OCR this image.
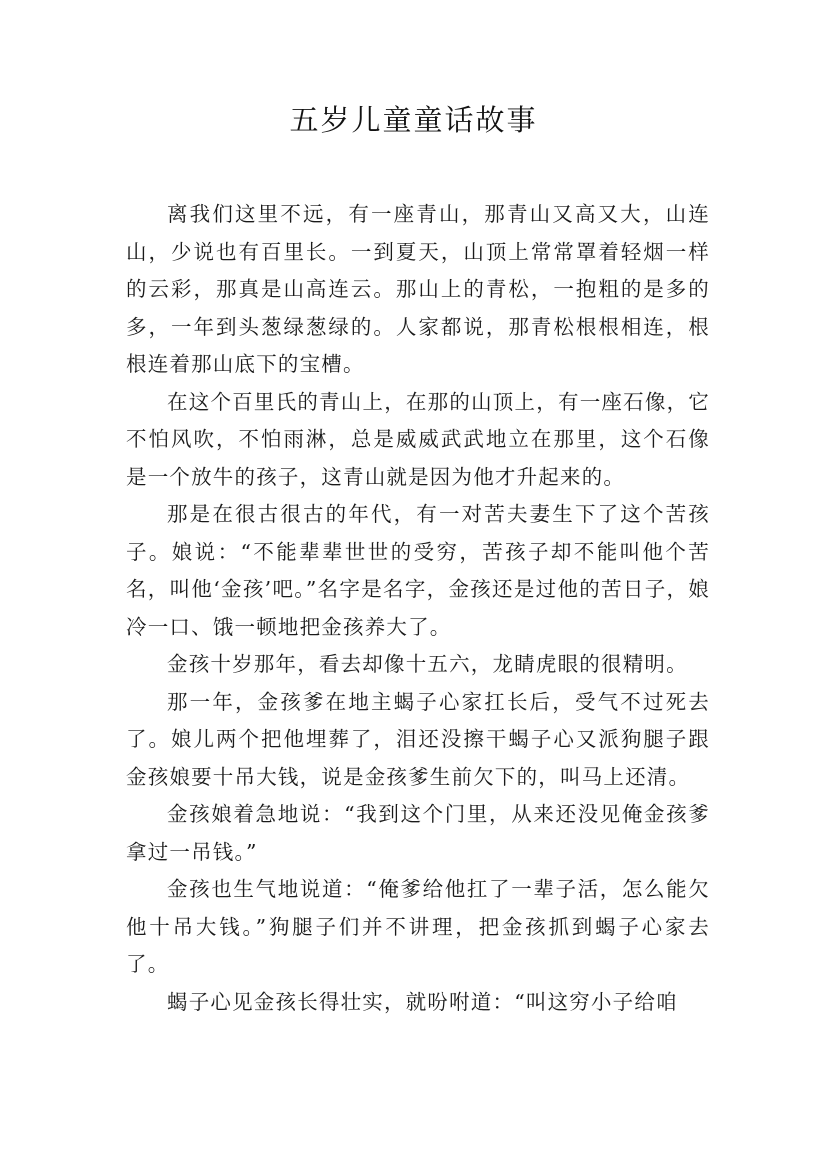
五岁儿童童话故事

离我们这里不远，有一座青山，那青山又高又大，山连山，少说也有百里长。一到夏天，山顶上常常罩着轻烟一样的云彩，那真是山高连云。那山上的青松，一抱粗的是多的多，一年到头葱绿葱绿的。人家都说，那青松根根相连，根根连着那山底下的宝槽。

在这个百里氏的青山上，在那的山顶上，有一座石像，它不怕风吹，不怕雨淋，总是威威武武地立在那里，这个石像是一个放牛的孩子，这青山就是因为他才升起来的。

那是在很古很古的年代，有一对苦夫妻生下了这个苦孩子。娘说：“不能辈辈世世的受穷，苦孩子却不能叫他个苦名，叫他‘金孩’吧。”名字是名字，金孩还是过他的苦日子，娘冷一口、饿一顿地把金孩养大了。

金孩十岁那年，看去却像十五六，龙睛虎眼的很精明。

那一年，金孩爹在地主蝎子心家扛长后，受气不过死去了。娘儿两个把他埋葬了，泪还没擦干蝎子心又派狗腿子跟金孩娘要十吊大钱，说是金孩爹生前欠下的，叫马上还清。

金孩娘着急地说：“我到这个门里，从来还没见俺金孩爹拿过一吊钱。”

金孩也生气地说道：“俺爹给他扛了一辈子活，怎么能欠他十吊大钱。”狗腿子们并不讲理，把金孩抓到蝎子心家去了。

蝎子心见金孩长得壮实，就吩咐道：“叫这穷小子给咱
